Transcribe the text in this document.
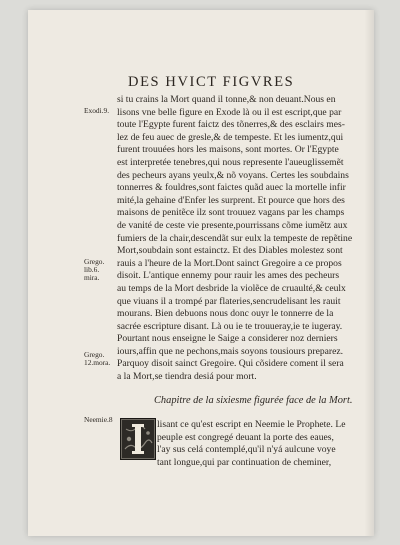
DES HVICT FIGVRES
Exodi.9.
Grego.
lib.6.
mira.
Grego.
12.mora.
Neemie.8
si tu crains la Mort quand il tonne,& non deuant.Nous en
lisons vne belle figure en Exode là ou il est escript,que par
toute l'Egypte furent faictz des tõnerres,& des esclairs mes-
lez de feu auec de gresle,& de tempeste. Et les iumentz,qui
furent trouuées hors les maisons, sont mortes. Or l'Egypte
est interpretée tenebres,qui nous represente l'aueuglissemẽt
des pecheurs ayans yeulx,& nõ voyans. Certes les soubdains
tonnerres & fouldres,sont faictes quãd auec la mortelle infir
mité,la gehaine d'Enfer les surprent. Et pource que hors des
maisons de penitẽce ilz sont trouuez vagans par les champs
de vanité de ceste vie presente,pourrissans cõme iumẽtz aux
fumiers de la chair,descendãt sur eulx la tempeste de repẽtine
Mort,soubdain sont estainctz. Et des Diables molestez sont
rauis a l'heure de la Mort.Dont sainct Gregoire a ce propos
disoit. L'antique ennemy pour rauir les ames des pecheurs
au temps de la Mort desbride la violẽce de cruaulté,& ceulx
que viuans il a trompé par flateries,sencrudelisant les rauit
mourans. Bien debuons nous donc ouyr le tonnerre de la
sacrée escripture disant. Là ou ie te trouueray,ie te iugeray.
Pourtant nous enseigne le Saige a considerer noz derniers
iours,affin que ne pechons,mais soyons tousiours preparez.
Parquoy disoit sainct Gregoire. Qui cõsidere coment il sera
a la Mort,se tiendra desiá pour mort.
Chapitre de la sixiesme figurée face de la Mort.
lisant ce qu'est escript en Neemie le Prophete. Le
peuple est congregé deuant la porte des eaues,
l'ay sus celá contemplé,qu'il n'yá aulcune voye
tant longue,qui par continuation de cheminer,
